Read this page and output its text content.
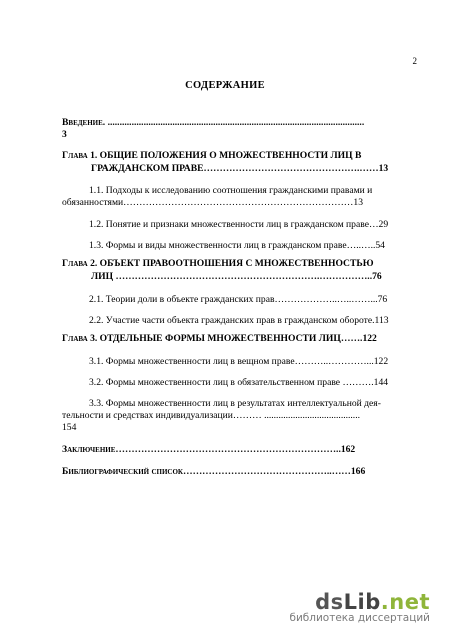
2
СОДЕРЖАНИЕ
Введение. ...........................................................................................................
3
Глава 1. ОБЩИЕ ПОЛОЖЕНИЯ О МНОЖЕСТВЕННОСТИ ЛИЦ В
ГРАЖДАНСКОМ ПРАВЕ………………………………………….……13
1.1. Подходы к исследованию соотношения гражданскими правами и
обязанностями………………………………………………………………13
1.2. Понятие и признаки множественности лиц в гражданском праве…29
1.3. Формы и виды множественности лиц в гражданском праве…..…..54
Глава 2. ОБЪЕКТ ПРАВООТНОШЕНИЯ С МНОЖЕСТВЕННОСТЬЮ
ЛИЦ ……………………………………………………….……………..76
2.1. Теории доли в объекте гражданских прав………………..…..……...76
2.2. Участие части объекта гражданских прав в гражданском обороте.113
Глава 3. ОТДЕЛЬНЫЕ ФОРМЫ МНОЖЕСТВЕННОСТИ ЛИЦ…….122
3.1. Формы множественности лиц в вещном праве………..…………...122
3.2. Формы множественности лиц в обязательственном праве ……….144
3.3. Формы множественности лиц в результатах интеллектуальной дея-
тельности и средствах индивидуализации……… ........................................
154
Заключение……………………………………………………………..162
Библиографический список………………………………………..……166
dsLib.net
библиотека диссертаций
